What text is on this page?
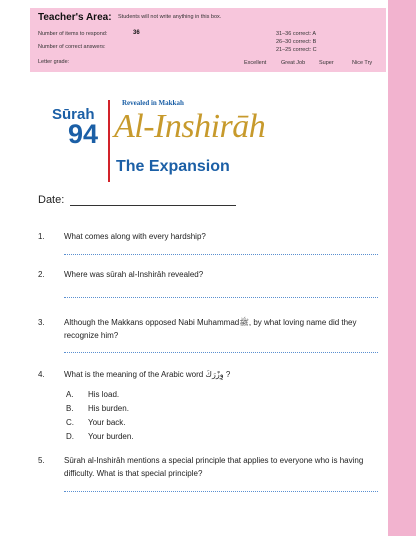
Teacher's Area: Students will not write anything in this box.
Number of items to respond:	36
Number of correct answers:
Letter grade:
31–36 correct: A
26–30 correct: B
21–25 correct: C
Excellent	Great Job	Super	Nice Try
Sūrah
94
Revealed in Makkah
Al-Inshirāh
The Expansion
Date:
1. What comes along with every hardship?
2. Where was sūrah al-Inshirāh revealed?
3. Although the Makkans opposed Nabi Muhammadﷺ, by what loving name did they recognize him?
4. What is the meaning of the Arabic word وِزْرَكَ ?
A. His load.
B. His burden.
C. Your back.
D. Your burden.
5. Sūrah al-Inshirāh mentions a special principle that applies to everyone who is having difficulty. What is that special principle?
